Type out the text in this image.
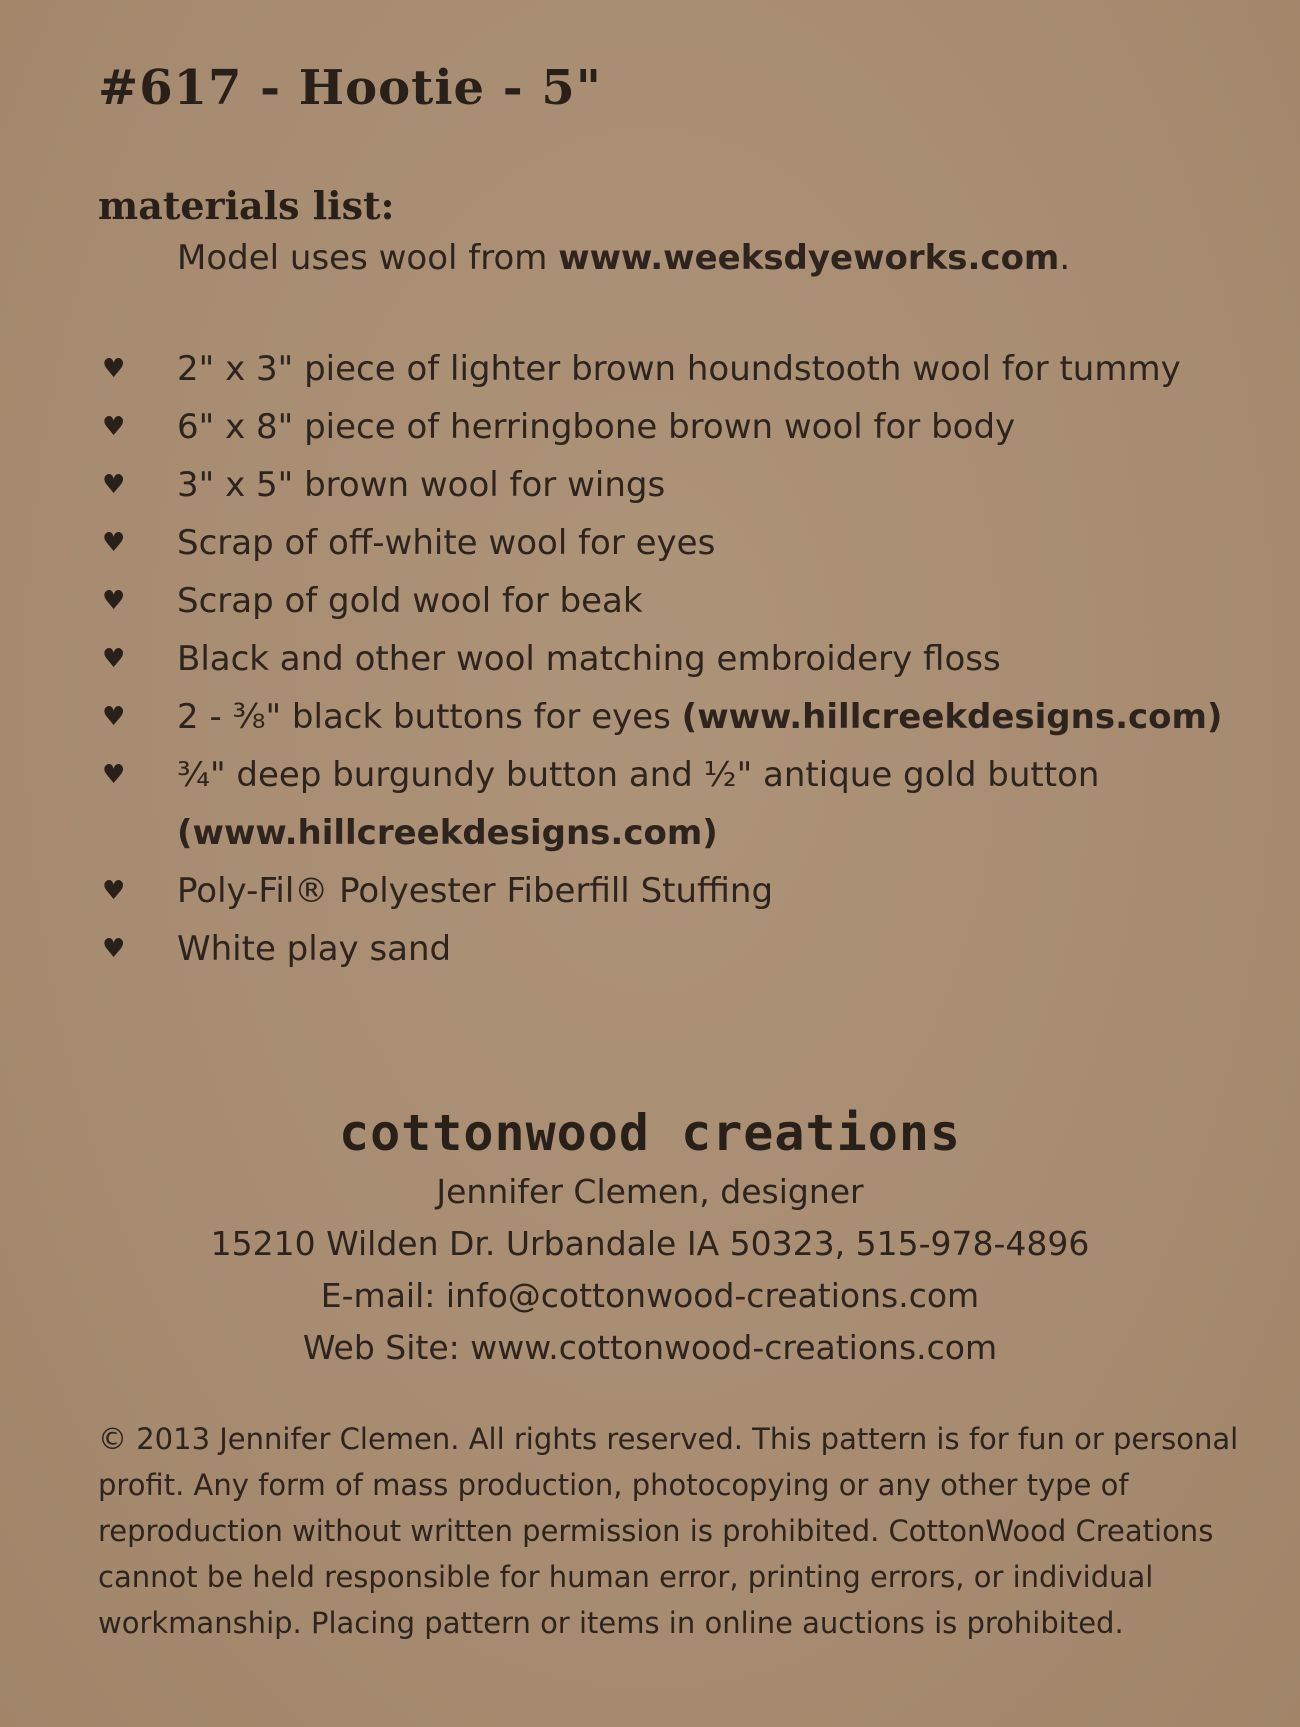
#617 - Hootie - 5"
materials list:
Model uses wool from www.weeksdyeworks.com.
♥ 2" x 3" piece of lighter brown houndstooth wool for tummy
♥ 6" x 8" piece of herringbone brown wool for body
♥ 3" x 5" brown wool for wings
♥ Scrap of off-white wool for eyes
♥ Scrap of gold wool for beak
♥ Black and other wool matching embroidery floss
♥ 2 - ⅜" black buttons for eyes (www.hillcreekdesigns.com)
♥ ¾" deep burgundy button and ½" antique gold button (www.hillcreekdesigns.com)
♥ Poly-Fil® Polyester Fiberfill Stuffing
♥ White play sand
cottonwood creations
Jennifer Clemen, designer
15210 Wilden Dr. Urbandale IA 50323, 515-978-4896
E-mail: info@cottonwood-creations.com
Web Site: www.cottonwood-creations.com
© 2013 Jennifer Clemen. All rights reserved. This pattern is for fun or personal profit. Any form of mass production, photocopying or any other type of reproduction without written permission is prohibited. CottonWood Creations cannot be held responsible for human error, printing errors, or individual workmanship. Placing pattern or items in online auctions is prohibited.
